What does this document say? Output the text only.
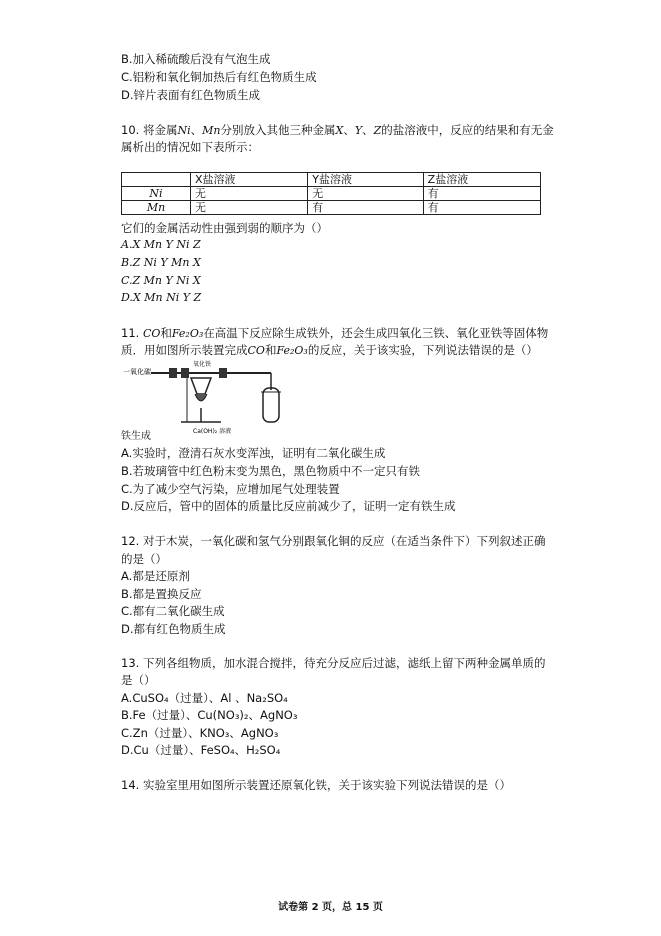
B.加入稀硫酸后没有气泡生成
C.铝粉和氧化铜加热后有红色物质生成
D.锌片表面有红色物质生成
10. 将金属Ni、Mn分别放入其他三种金属X、Y、Z的盐溶液中，反应的结果和有无金
属析出的情况如下表所示：
	X盐溶液	Y盐溶液	Z盐溶液
Ni	无	无	有
Mn	无	有	有
它们的金属活动性由强到弱的顺序为（）
A.X Mn Y Ni Z
B.Z Ni Y Mn X
C.Z Mn Y Ni X
D.X Mn Ni Y Z
11. CO和Fe₂O₃在高温下反应除生成铁外，还会生成四氧化三铁、氧化亚铁等固体物
质．用如图所示装置完成CO和Fe₂O₃的反应，关于该实验，下列说法错误的是（）
一氧化碳
氧化铁
Ca(OH)₂ 溶液
铁生成
A.实验时，澄清石灰水变浑浊，证明有二氧化碳生成
B.若玻璃管中红色粉末变为黑色，黑色物质中不一定只有铁
C.为了减少空气污染，应增加尾气处理装置
D.反应后，管中的固体的质量比反应前减少了，证明一定有铁生成
12. 对于木炭，一氧化碳和氢气分别跟氧化铜的反应（在适当条件下）下列叙述正确
的是（）
A.都是还原剂
B.都是置换反应
C.都有二氧化碳生成
D.都有红色物质生成
13. 下列各组物质，加水混合搅拌，待充分反应后过滤，滤纸上留下两种金属单质的
是（）
A.CuSO₄（过量）、Al 、Na₂SO₄
B.Fe（过量）、Cu(NO₃)₂、AgNO₃
C.Zn（过量）、KNO₃、AgNO₃
D.Cu（过量）、FeSO₄、H₂SO₄
14. 实验室里用如图所示装置还原氧化铁，关于该实验下列说法错误的是（）
试卷第 2 页，总 15 页
